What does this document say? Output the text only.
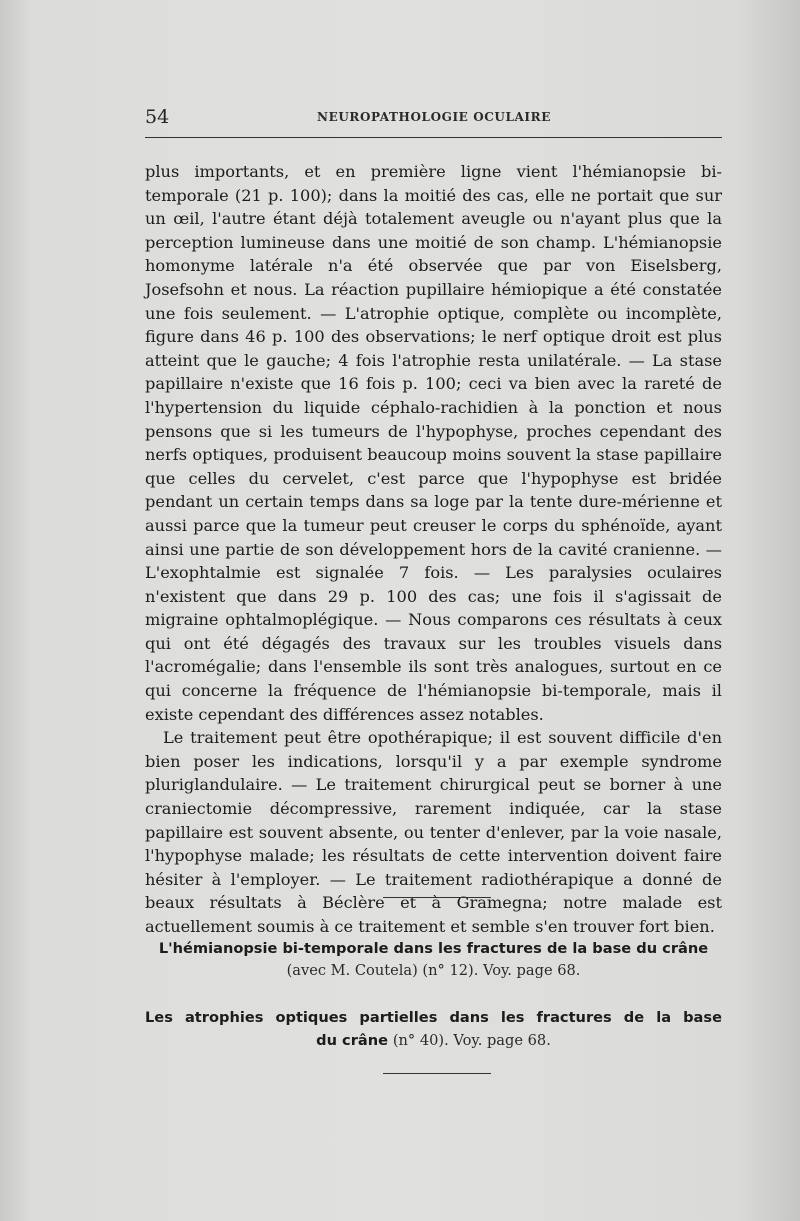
54	NEUROPATHOLOGIE OCULAIRE

plus importants, et en première ligne vient l'hémianopsie bi-temporale (21 p. 100); dans la moitié des cas, elle ne portait que sur un œil, l'autre étant déjà totalement aveugle ou n'ayant plus que la perception lumineuse dans une moitié de son champ. L'hémianopsie homonyme latérale n'a été observée que par von Eiselsberg, Josefsohn et nous. La réaction pupillaire hémiopique a été constatée une fois seulement. — L'atrophie optique, complète ou incomplète, figure dans 46 p. 100 des observations; le nerf optique droit est plus atteint que le gauche; 4 fois l'atrophie resta unilatérale. — La stase papillaire n'existe que 16 fois p. 100; ceci va bien avec la rareté de l'hypertension du liquide céphalo-rachidien à la ponction et nous pensons que si les tumeurs de l'hypophyse, proches cependant des nerfs optiques, produisent beaucoup moins souvent la stase papillaire que celles du cervelet, c'est parce que l'hypophyse est bridée pendant un certain temps dans sa loge par la tente dure-mérienne et aussi parce que la tumeur peut creuser le corps du sphénoïde, ayant ainsi une partie de son développement hors de la cavité cranienne. — L'exophtalmie est signalée 7 fois. — Les paralysies oculaires n'existent que dans 29 p. 100 des cas; une fois il s'agissait de migraine ophtalmoplégique. — Nous comparons ces résultats à ceux qui ont été dégagés des travaux sur les troubles visuels dans l'acromégalie; dans l'ensemble ils sont très analogues, surtout en ce qui concerne la fréquence de l'hémianopsie bi-temporale, mais il existe cependant des différences assez notables.

Le traitement peut être opothérapique; il est souvent difficile d'en bien poser les indications, lorsqu'il y a par exemple syndrome pluriglandulaire. — Le traitement chirurgical peut se borner à une craniectomie décompressive, rarement indiquée, car la stase papillaire est souvent absente, ou tenter d'enlever, par la voie nasale, l'hypophyse malade; les résultats de cette intervention doivent faire hésiter à l'employer. — Le traitement radiothérapique a donné de beaux résultats à Béclère et à Gramegna; notre malade est actuellement soumis à ce traitement et semble s'en trouver fort bien.

L'hémianopsie bi-temporale dans les fractures de la base du crâne
(avec M. Coutela) (n° 12). Voy. page 68.
Les atrophies optiques partielles dans les fractures de la base
du crâne (n° 40). Voy. page 68.
